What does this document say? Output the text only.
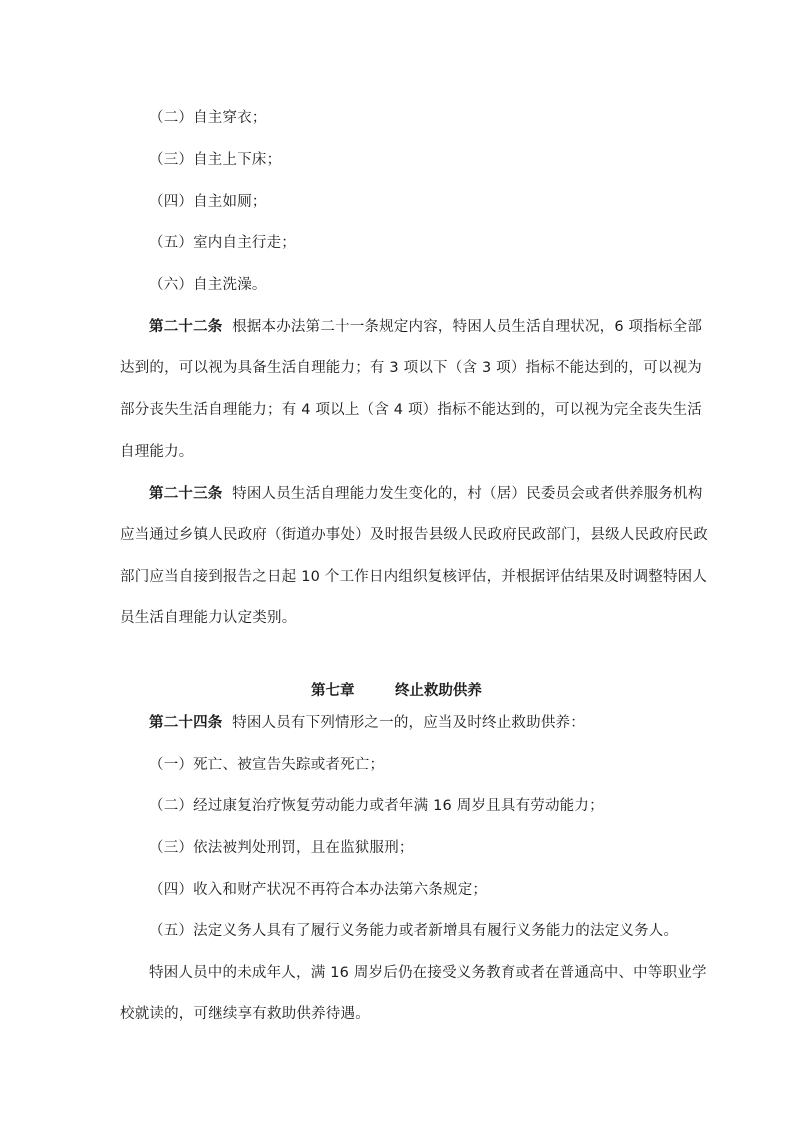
（二）自主穿衣；
（三）自主上下床；
（四）自主如厕；
（五）室内自主行走；
（六）自主洗澡。
第二十二条 根据本办法第二十一条规定内容，特困人员生活自理状况，6 项指标全部
达到的，可以视为具备生活自理能力；有 3 项以下（含 3 项）指标不能达到的，可以视为
部分丧失生活自理能力；有 4 项以上（含 4 项）指标不能达到的，可以视为完全丧失生活
自理能力。
第二十三条 特困人员生活自理能力发生变化的，村（居）民委员会或者供养服务机构
应当通过乡镇人民政府（街道办事处）及时报告县级人民政府民政部门，县级人民政府民政
部门应当自接到报告之日起 10 个工作日内组织复核评估，并根据评估结果及时调整特困人
员生活自理能力认定类别。
第七章	终止救助供养
第二十四条 特困人员有下列情形之一的，应当及时终止救助供养：
（一）死亡、被宣告失踪或者死亡；
（二）经过康复治疗恢复劳动能力或者年满 16 周岁且具有劳动能力；
（三）依法被判处刑罚，且在监狱服刑；
（四）收入和财产状况不再符合本办法第六条规定；
（五）法定义务人具有了履行义务能力或者新增具有履行义务能力的法定义务人。
特困人员中的未成年人，满 16 周岁后仍在接受义务教育或者在普通高中、中等职业学
校就读的，可继续享有救助供养待遇。
